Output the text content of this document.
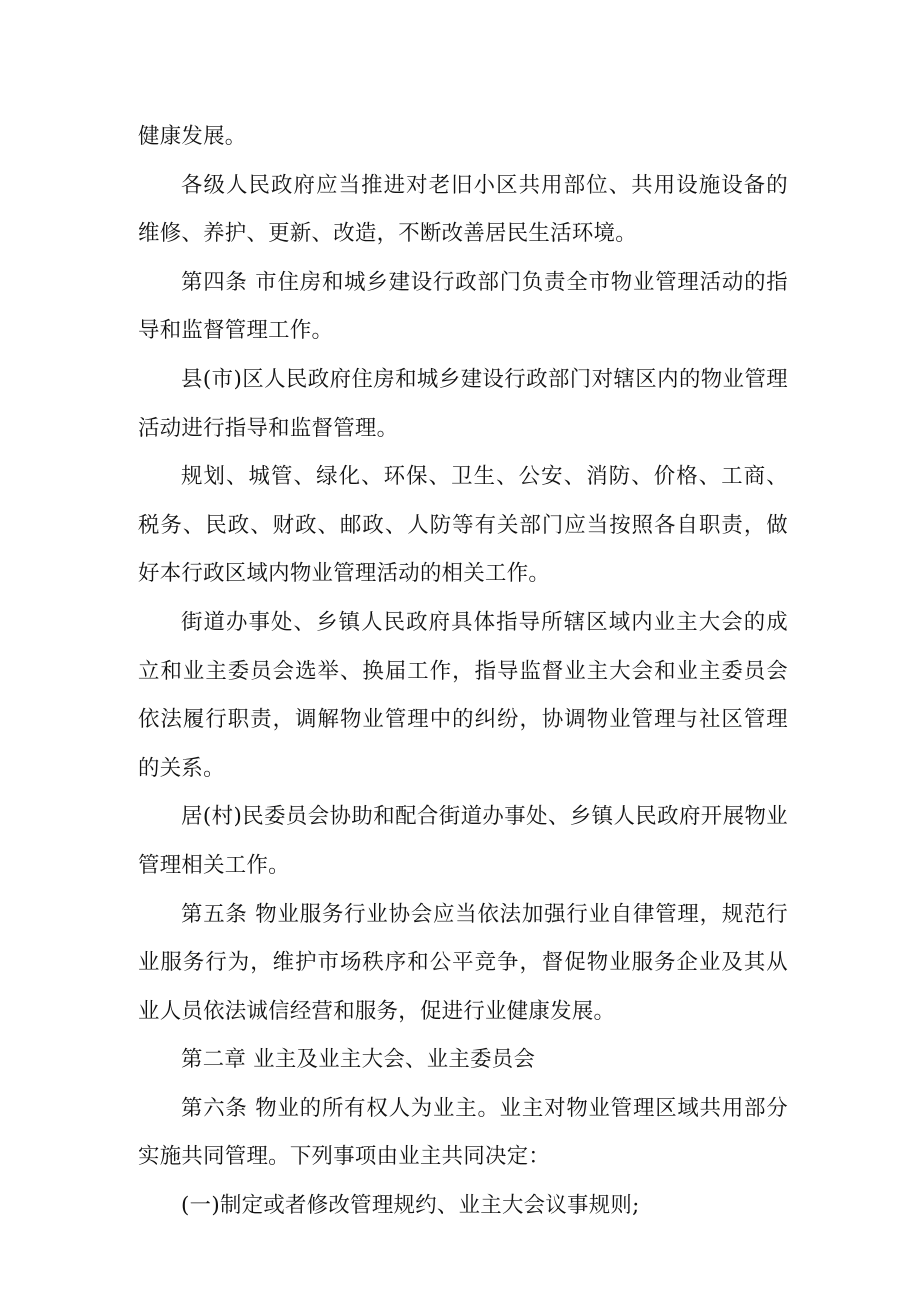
健康发展。

各级人民政府应当推进对老旧小区共用部位、共用设施设备的维修、养护、更新、改造，不断改善居民生活环境。

第四条 市住房和城乡建设行政部门负责全市物业管理活动的指导和监督管理工作。

县(市)区人民政府住房和城乡建设行政部门对辖区内的物业管理活动进行指导和监督管理。

规划、城管、绿化、环保、卫生、公安、消防、价格、工商、税务、民政、财政、邮政、人防等有关部门应当按照各自职责，做好本行政区域内物业管理活动的相关工作。

街道办事处、乡镇人民政府具体指导所辖区域内业主大会的成立和业主委员会选举、换届工作，指导监督业主大会和业主委员会依法履行职责，调解物业管理中的纠纷，协调物业管理与社区管理的关系。

居(村)民委员会协助和配合街道办事处、乡镇人民政府开展物业管理相关工作。

第五条 物业服务行业协会应当依法加强行业自律管理，规范行业服务行为，维护市场秩序和公平竞争，督促物业服务企业及其从业人员依法诚信经营和服务，促进行业健康发展。

第二章 业主及业主大会、业主委员会

第六条 物业的所有权人为业主。业主对物业管理区域共用部分实施共同管理。下列事项由业主共同决定：

(一)制定或者修改管理规约、业主大会议事规则;
